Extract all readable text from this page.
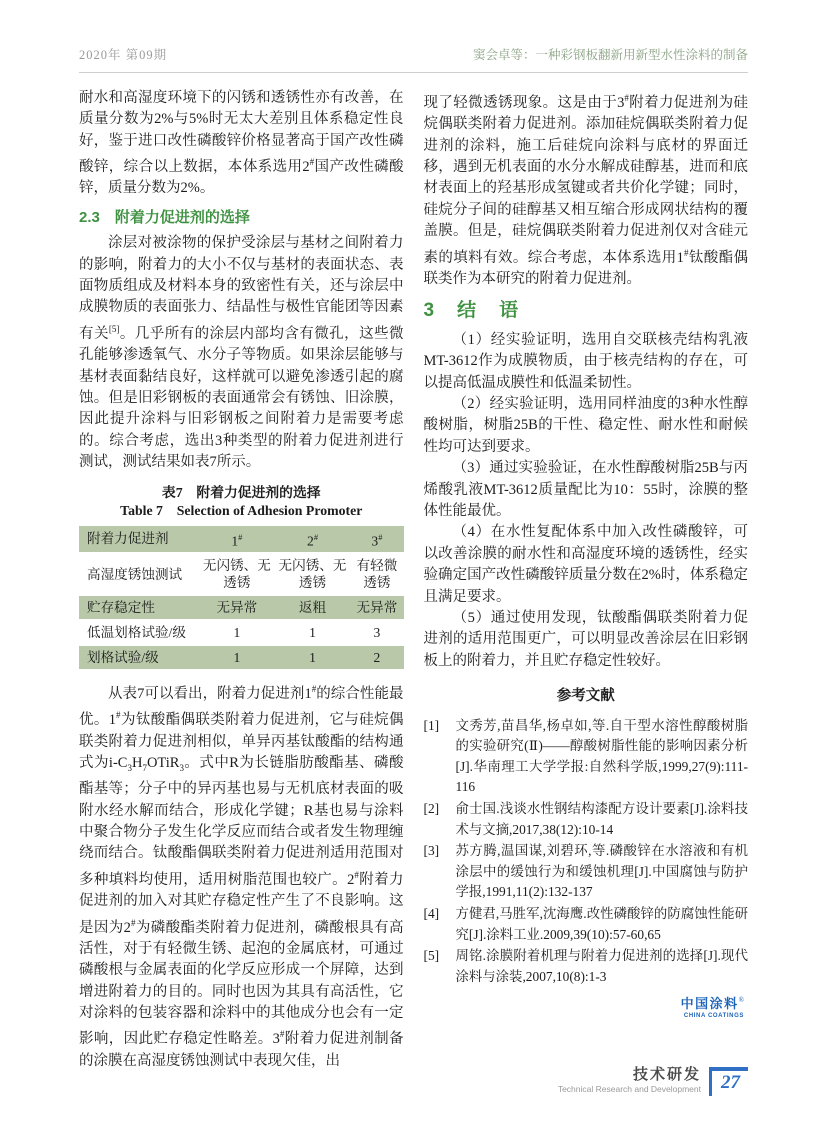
2020年 第09期	窦会卓等：一种彩钢板翻新用新型水性涂料的制备

耐水和高湿度环境下的闪锈和透锈性亦有改善，在质量分数为2%与5%时无太大差别且体系稳定性良好，鉴于进口改性磷酸锌价格显著高于国产改性磷酸锌，综合以上数据，本体系选用2#国产改性磷酸锌，质量分数为2%。

2.3　附着力促进剂的选择

涂层对被涂物的保护受涂层与基材之间附着力的影响，附着力的大小不仅与基材的表面状态、表面物质组成及材料本身的致密性有关，还与涂层中成膜物质的表面张力、结晶性与极性官能团等因素有关[5]。几乎所有的涂层内部均含有微孔，这些微孔能够渗透氧气、水分子等物质。如果涂层能够与基材表面黏结良好，这样就可以避免渗透引起的腐蚀。但是旧彩钢板的表面通常会有锈蚀、旧涂膜，因此提升涂料与旧彩钢板之间附着力是需要考虑的。综合考虑，选出3种类型的附着力促进剂进行测试，测试结果如表7所示。

表7　附着力促进剂的选择
Table 7　Selection of Adhesion Promoter
附着力促进剂	1#	2#	3#
高湿度锈蚀测试	无闪锈、无透锈	无闪锈、无透锈	有轻微透锈
贮存稳定性	无异常	返粗	无异常
低温划格试验/级	1	1	3
划格试验/级	1	1	2

从表7可以看出，附着力促进剂1#的综合性能最优。1#为钛酸酯偶联类附着力促进剂，它与硅烷偶联类附着力促进剂相似，单异丙基钛酸酯的结构通式为$i-C_3H_7OTiR_3$。式中R为长链脂肪酸酯基、磷酸酯基等；分子中的异丙基也易与无机底材表面的吸附水经水解而结合，形成化学键；R基也易与涂料中聚合物分子发生化学反应而结合或者发生物理缠绕而结合。钛酸酯偶联类附着力促进剂适用范围对多种填料均使用，适用树脂范围也较广。2#附着力促进剂的加入对其贮存稳定性产生了不良影响。这是因为2#为磷酸酯类附着力促进剂，磷酸根具有高活性，对于有轻微生锈、起泡的金属底材，可通过磷酸根与金属表面的化学反应形成一个屏障，达到增进附着力的目的。同时也因为其具有高活性，它对涂料的包装容器和涂料中的其他成分也会有一定影响，因此贮存稳定性略差。3#附着力促进剂制备的涂膜在高湿度锈蚀测试中表现欠佳，出

现了轻微透锈现象。这是由于3#附着力促进剂为硅烷偶联类附着力促进剂。添加硅烷偶联类附着力促进剂的涂料，施工后硅烷向涂料与底材的界面迁移，遇到无机表面的水分水解成硅醇基，进而和底材表面上的羟基形成氢键或者共价化学键；同时，硅烷分子间的硅醇基又相互缩合形成网状结构的覆盖膜。但是，硅烷偶联类附着力促进剂仅对含硅元素的填料有效。综合考虑，本体系选用1#钛酸酯偶联类作为本研究的附着力促进剂。

3　结　语

（1）经实验证明，选用自交联核壳结构乳液MT-3612作为成膜物质，由于核壳结构的存在，可以提高低温成膜性和低温柔韧性。

（2）经实验证明，选用同样油度的3种水性醇酸树脂，树脂25B的干性、稳定性、耐水性和耐候性均可达到要求。

（3）通过实验验证，在水性醇酸树脂25B与丙烯酸乳液MT-3612质量配比为10：55时，涂膜的整体性能最优。

（4）在水性复配体系中加入改性磷酸锌，可以改善涂膜的耐水性和高湿度环境的透锈性，经实验确定国产改性磷酸锌质量分数在2%时，体系稳定且满足要求。

（5）通过使用发现，钛酸酯偶联类附着力促进剂的适用范围更广，可以明显改善涂层在旧彩钢板上的附着力，并且贮存稳定性较好。

参考文献
[1]	文秀芳,苗昌华,杨卓如,等.自干型水溶性醇酸树脂的实验研究(Ⅱ)——醇酸树脂性能的影响因素分析[J].华南理工大学学报:自然科学版,1999,27(9):111-116
[2]	俞士国.浅谈水性钢结构漆配方设计要素[J].涂料技术与文摘,2017,38(12):10-14
[3]	苏方腾,温国谋,刘碧环,等.磷酸锌在水溶液和有机涂层中的缓蚀行为和缓蚀机理[J].中国腐蚀与防护学报,1991,11(2):132-137
[4]	方健君,马胜军,沈海鹰.改性磷酸锌的防腐蚀性能研究[J].涂料工业.2009,39(10):57-60,65
[5]	周铭.涂膜附着机理与附着力促进剂的选择[J].现代涂料与涂装,2007,10(8):1-3
中国涂料®
CHINA COATINGS
技术研发
Technical Research and Development	27
